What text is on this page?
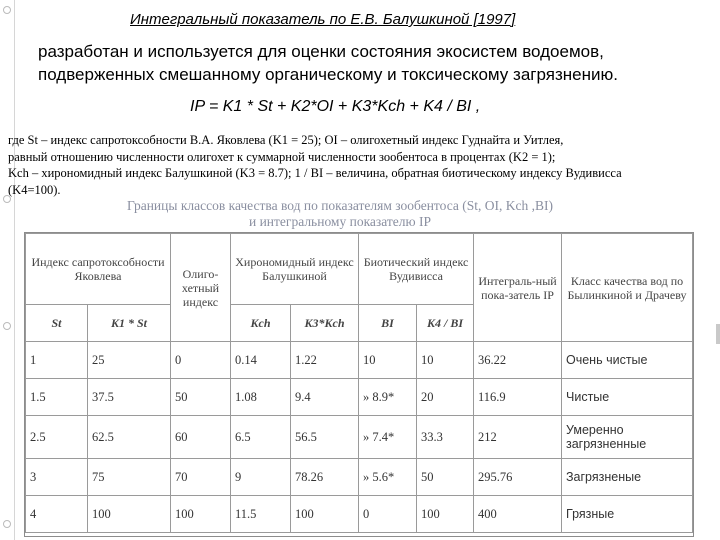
Интегральный показатель по Е.В. Балушкиной [1997]
разработан и используется для оценки состояния экосистем водоемов, подверженных смешанному органическому и токсическому загрязнению.
IP = K1 * St + K2*OI + K3*Kch + K4 / BI ,
где St – индекс сапротоксобности В.А. Яковлева (K1 = 25); OI – олигохетный индекс Гуднайта и Уитлея,
равный отношению численности олигохет к суммарной численности зообентоса в процентах (K2 = 1);
Kch – хирономидный индекс Балушкиной (K3 = 8.7); 1 / BI – величина, обратная биотическому индексу Вудивисса
(K4=100).
Границы классов качества вод по показателям зообентоса (St, OI, Kch ,BI)
и интегральному показателю IP
Индекс сапротоксобности Яковлева		Олиго-хетный индекс	Хирономидный индекс Балушкиной		Биотический индекс Вудивисса		Интеграль-ный пока-затель IP	Класс качества вод по Былинкиной и Драчеву
St	K1 * St		Kch	K3*Kch	BI	K4 / BI		
1	25	0	0.14	1.22	10	10	36.22	Очень чистые
1.5	37.5	50	1.08	9.4	» 8.9*	20	116.9	Чистые
2.5	62.5	60	6.5	56.5	» 7.4*	33.3	212	Умеренно загрязненные
3	75	70	9	78.26	» 5.6*	50	295.76	Загрязненые
4	100	100	11.5	100	0	100	400	Грязные
